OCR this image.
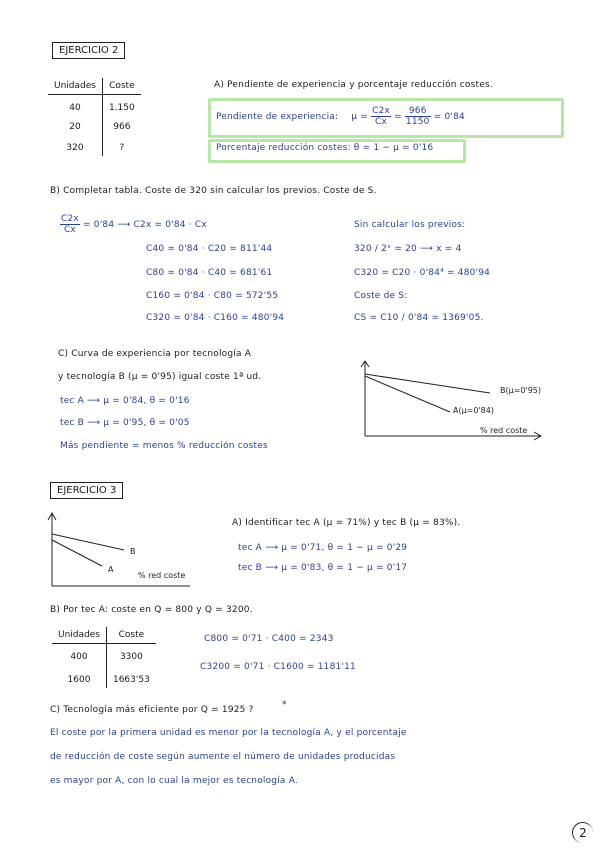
EJERCICIO 2
Unidades	Coste
40	1.150
20	966
320	?
A) Pendiente de experiencia y porcentaje reducción costes.
Pendiente de experiencia: $\mu = \frac{C2x}{Cx} = \frac{966}{1150} = 0'84$
Porcentaje reducción costes: θ = 1 − μ = 0'16
B) Completar tabla. Coste de 320 sin calcular los previos. Coste de S.
$\frac{C2x}{Cx} = 0'84$ ⟶ C2x = 0'84 · Cx
C40 = 0'84 · C20 = 811'44
C80 = 0'84 · C40 = 681'61
C160 = 0'84 · C80 = 572'55
C320 = 0'84 · C160 = 480'94
Sin calcular los previos:
320 / 2ˣ = 20 ⟶ x = 4
C320 = C20 · 0'84⁴ = 480'94
Coste de S:
CS = C10 / 0'84 = 1369'05.
C) Curva de experiencia por tecnología A
y tecnología B (μ = 0'95) igual coste 1ª ud.
tec A ⟶ μ = 0'84, θ = 0'16
tec B ⟶ μ = 0'95, θ = 0'05
Más pendiente = menos % reducción costes
B(μ=0'95)
A(μ=0'84)
% red coste
EJERCICIO 3
B
A
% red coste
A) Identificar tec A (μ = 71%) y tec B (μ = 83%).
tec A ⟶ μ = 0'71, θ = 1 − μ = 0'29
tec B ⟶ μ = 0'83, θ = 1 − μ = 0'17
B) Por tec A: coste en Q = 800 y Q = 3200.
Unidades	Coste
400	3300
1600	1663'53
C800 = 0'71 · C400 = 2343
C3200 = 0'71 · C1600 = 1181'11
C) Tecnología más eficiente por Q = 1925 ?	*
El coste por la primera unidad es menor por la tecnología A, y el porcentaje
de reducción de coste según aumente el número de unidades producidas
es mayor por A, con lo cual la mejor es tecnología A.
2
